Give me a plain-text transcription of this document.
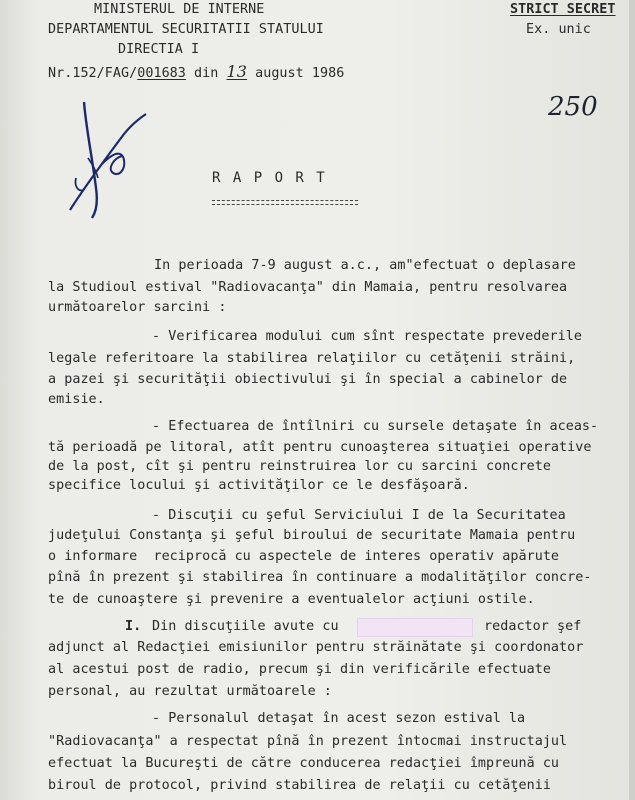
MINISTERUL DE INTERNE
DEPARTAMENTUL SECURITATII STATULUI
DIRECTIA I
Nr.152/FAG/001683 din 13 august 1986
STRICT SECRET
Ex. unic
250
R A P O R T
In perioada 7-9 august a.c., am"efectuat o deplasare
la Studioul estival "Radiovacanţa" din Mamaia, pentru resolvarea
următoarelor sarcini :
- Verificarea modului cum sînt respectate prevederile
legale referitoare la stabilirea relaţiilor cu cetăţenii străini,
a pazei şi securităţii obiectivului şi în special a cabinelor de
emisie.
- Efectuarea de întîlniri cu sursele detaşate în aceas-
tă perioadă pe litoral, atît pentru cunoaşterea situaţiei operative
de la post, cît şi pentru reinstruirea lor cu sarcini concrete
specifice locului şi activităţilor ce le desfăşoară.
- Discuţii cu şeful Serviciului I de la Securitatea
judeţului Constanţa şi şeful biroului de securitate Mamaia pentru
o informare  reciprocă cu aspectele de interes operativ apărute
pînă în prezent şi stabilirea în continuare a modalităţilor concre-
te de cunoaştere şi prevenire a eventualelor acţiuni ostile.
I. Din discuţiile avute cu	redactor şef
adjunct al Redacţiei emisiunilor pentru străinătate şi coordonator
al acestui post de radio, precum şi din verificările efectuate
personal, au rezultat următoarele :
- Personalul detaşat în acest sezon estival la
"Radiovacanţa" a respectat pînă în prezent întocmai instructajul
efectuat la Bucureşti de către conducerea redacţiei împreună cu
biroul de protocol, privind stabilirea de relaţii cu cetăţenii
